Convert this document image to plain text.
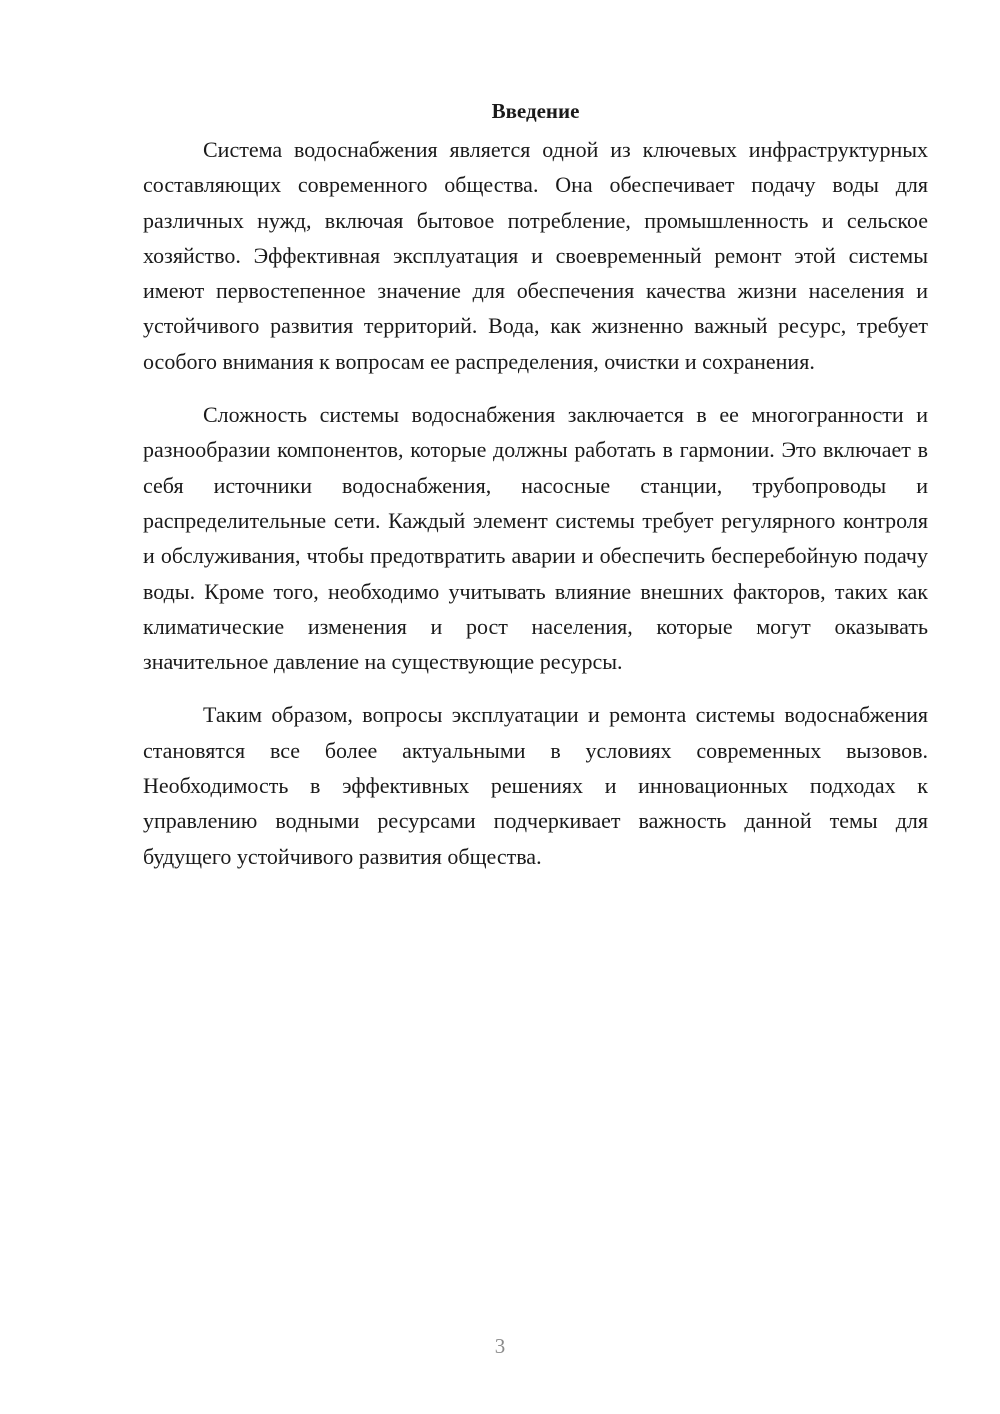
Введение

Система водоснабжения является одной из ключевых инфраструктурных составляющих современного общества. Она обеспечивает подачу воды для различных нужд, включая бытовое потребление, промышленность и сельское хозяйство. Эффективная эксплуатация и своевременный ремонт этой системы имеют первостепенное значение для обеспечения качества жизни населения и устойчивого развития территорий. Вода, как жизненно важный ресурс, требует особого внимания к вопросам ее распределения, очистки и сохранения.

Сложность системы водоснабжения заключается в ее многогранности и разнообразии компонентов, которые должны работать в гармонии. Это включает в себя источники водоснабжения, насосные станции, трубопроводы и распределительные сети. Каждый элемент системы требует регулярного контроля и обслуживания, чтобы предотвратить аварии и обеспечить бесперебойную подачу воды. Кроме того, необходимо учитывать влияние внешних факторов, таких как климатические изменения и рост населения, которые могут оказывать значительное давление на существующие ресурсы.

Таким образом, вопросы эксплуатации и ремонта системы водоснабжения становятся все более актуальными в условиях современных вызовов. Необходимость в эффективных решениях и инновационных подходах к управлению водными ресурсами подчеркивает важность данной темы для будущего устойчивого развития общества.

3
